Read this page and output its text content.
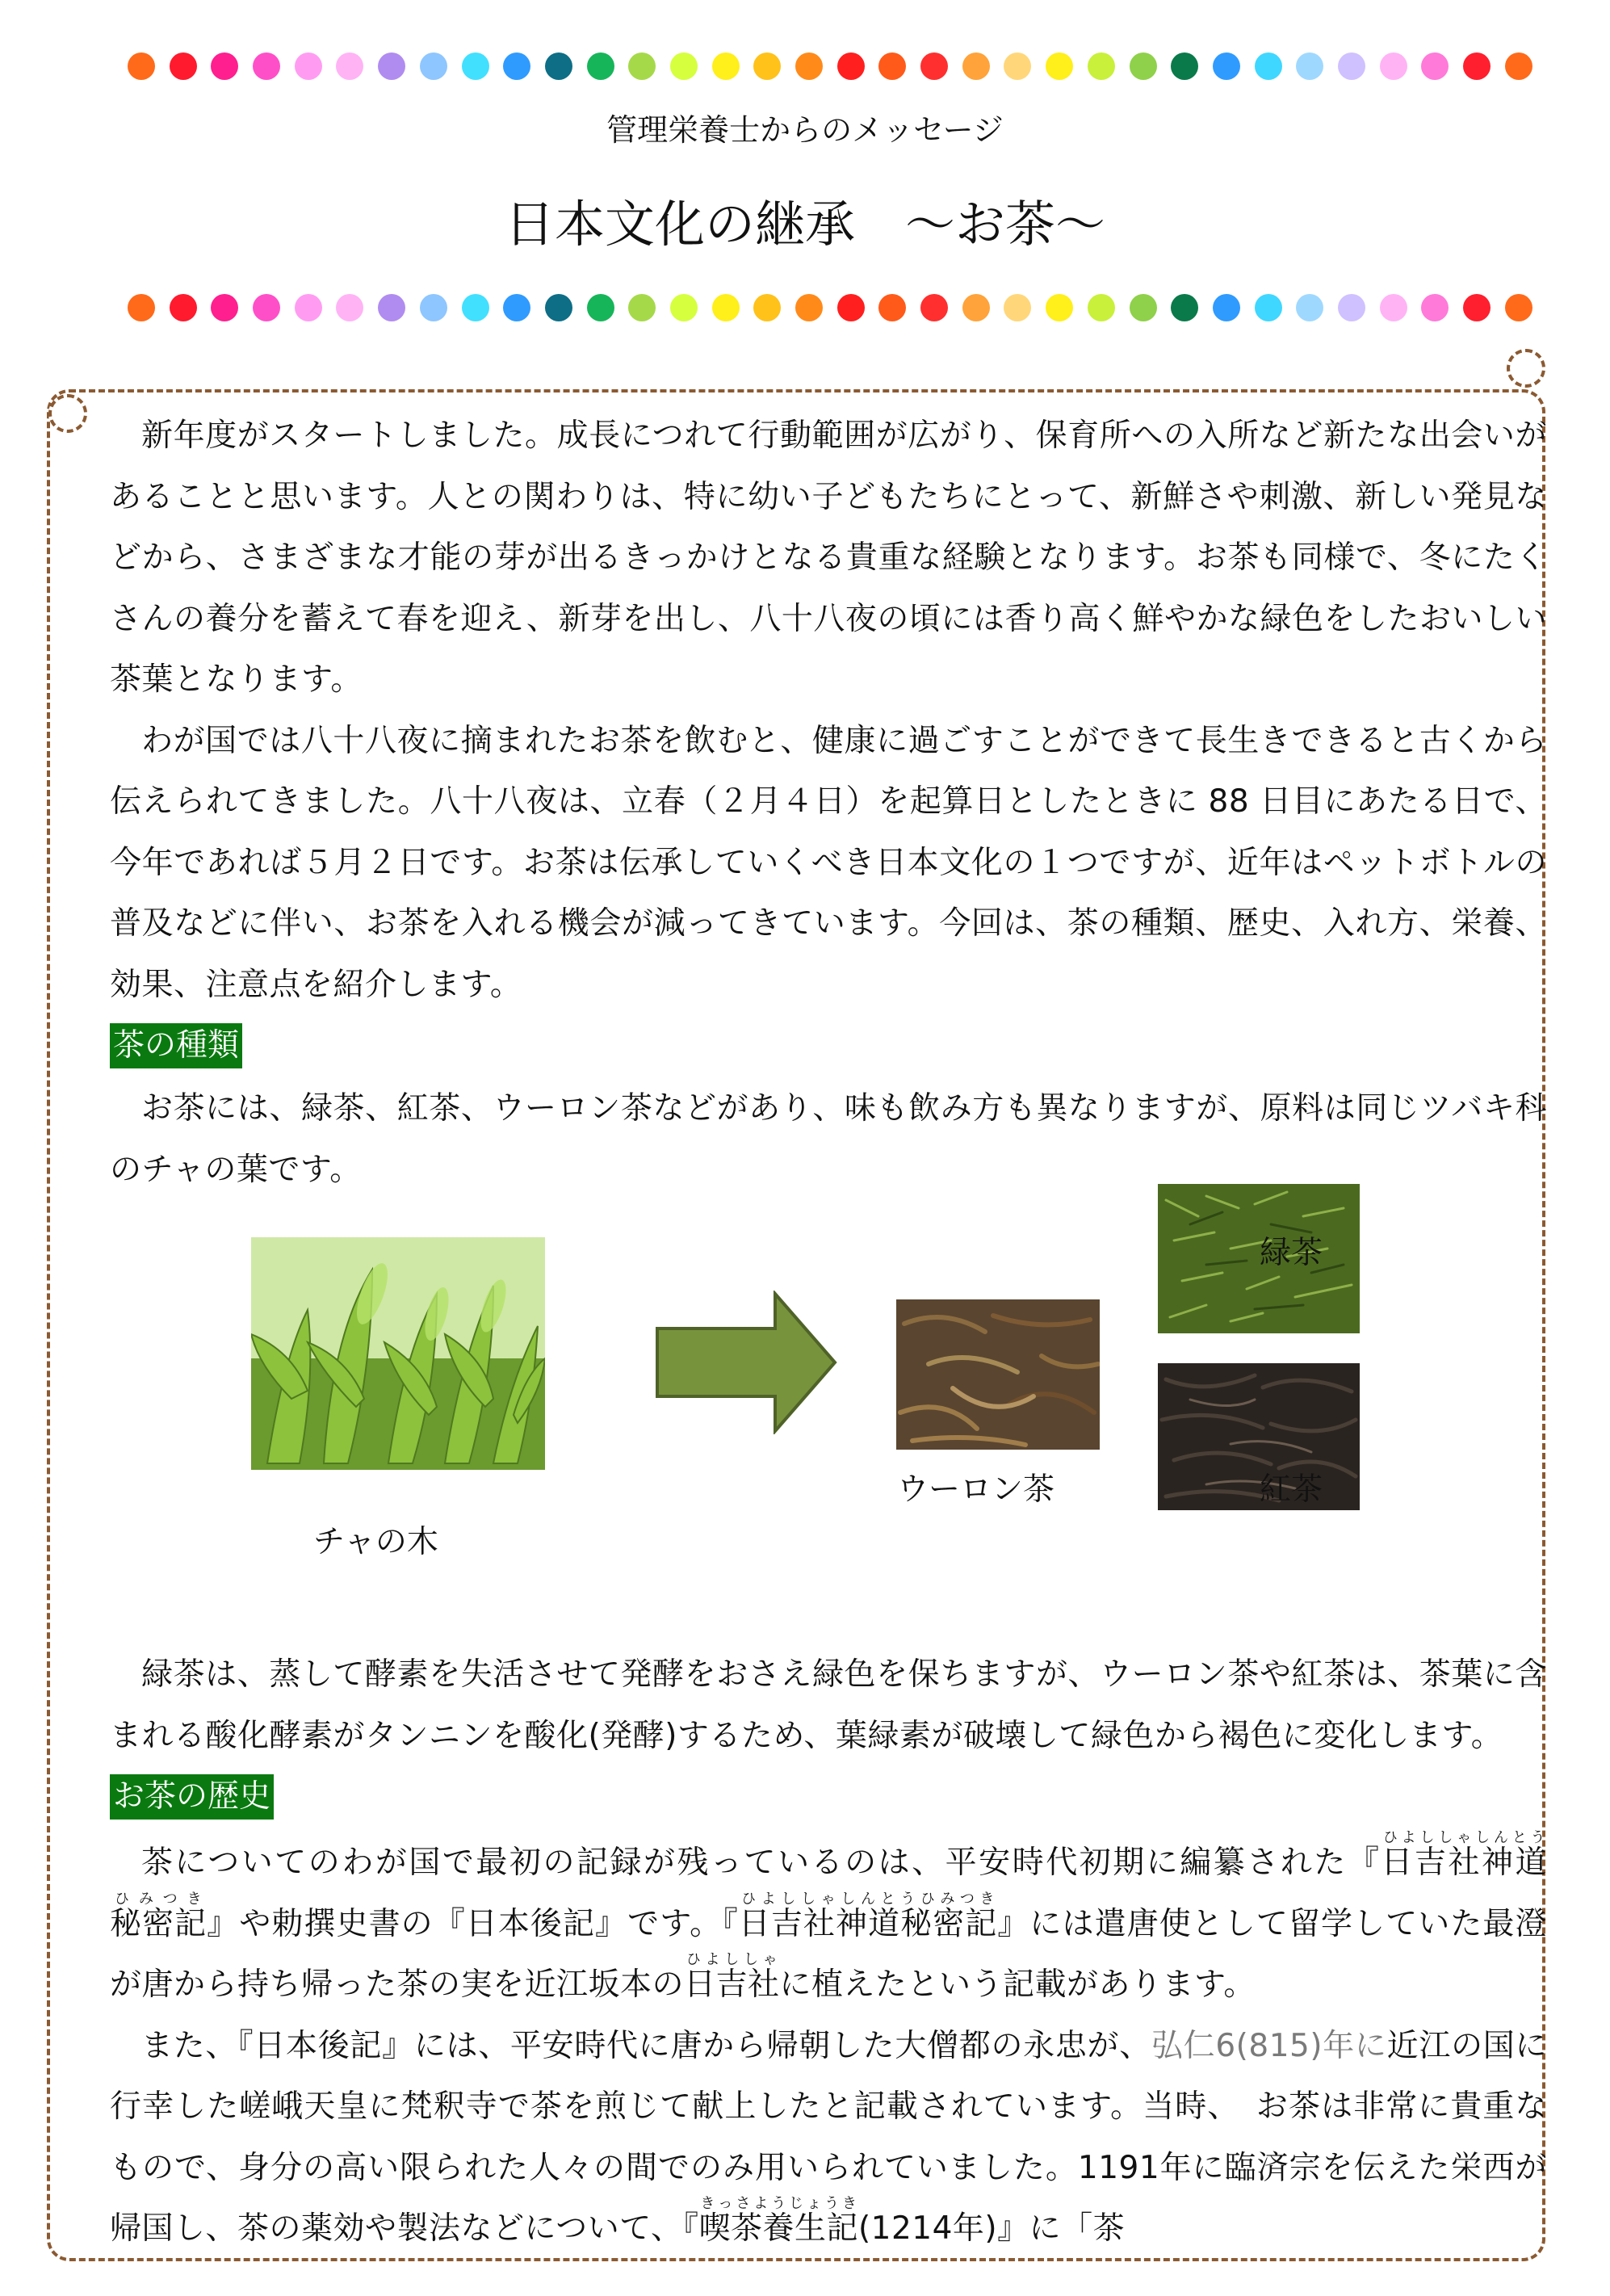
管理栄養士からのメッセージ
日本文化の継承　～お茶～

新年度がスタートしました。成長につれて行動範囲が広がり、保育所への入所など新たな出会いがあることと思います。人との関わりは、特に幼い子どもたちにとって、新鮮さや刺激、新しい発見などから、さまざまな才能の芽が出るきっかけとなる貴重な経験となります。お茶も同様で、冬にたくさんの養分を蓄えて春を迎え、新芽を出し、八十八夜の頃には香り高く鮮やかな緑色をしたおいしい茶葉となります。

わが国では八十八夜に摘まれたお茶を飲むと、健康に過ごすことができて長生きできると古くから伝えられてきました。八十八夜は、立春（２月４日）を起算日としたときに 88 日目にあたる日で、今年であれば５月２日です。お茶は伝承していくべき日本文化の１つですが、近年はペットボトルの普及などに伴い、お茶を入れる機会が減ってきています。今回は、茶の種類、歴史、入れ方、栄養、効果、注意点を紹介します。

茶の種類

お茶には、緑茶、紅茶、ウーロン茶などがあり、味も飲み方も異なりますが、原料は同じツバキ科のチャの葉です。

緑茶
ウーロン茶	紅茶
チャの木

緑茶は、蒸して酵素を失活させて発酵をおさえ緑色を保ちますが、ウーロン茶や紅茶は、茶葉に含まれる酸化酵素がタンニンを酸化(発酵)するため、葉緑素が破壊して緑色から褐色に変化します。

お茶の歴史

茶についてのわが国で最初の記録が残っているのは、平安時代初期に編纂された『日吉社神道ひよししゃしんとう秘密記ひみつき』や勅撰史書の『日本後記』です。『日吉社神道秘密記ひよししゃしんとうひみつき』には遣唐使として留学していた最澄が唐から持ち帰った茶の実を近江坂本の日吉社ひよししゃに植えたという記載があります。

また、『日本後記』には、平安時代に唐から帰朝した大僧都の永忠が、弘仁6(815)年に近江の国に行幸した嵯峨天皇に梵釈寺で茶を煎じて献上したと記載されています。当時、　お茶は非常に貴重なもので、身分の高い限られた人々の間でのみ用いられていました。1191年に臨済宗を伝えた栄西が帰国し、茶の薬効や製法などについて、『喫茶養生記きっさようじょうき(1214年)』に「茶
